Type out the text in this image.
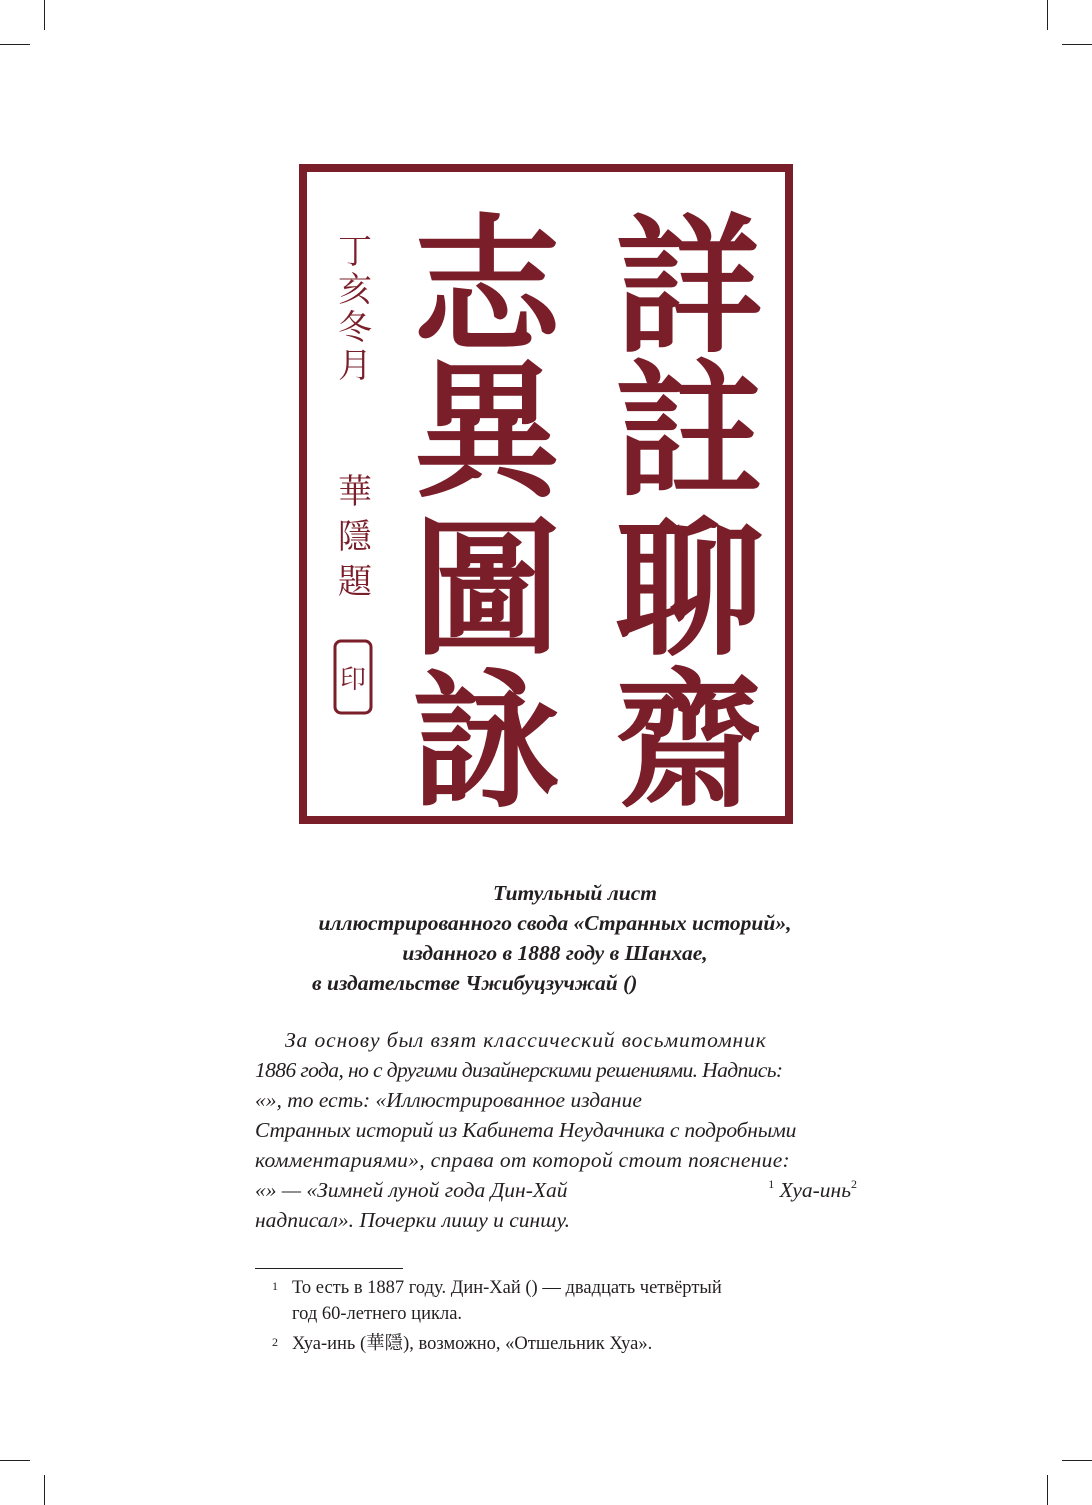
詳
註
聊
齋
志
異
圖
詠
丁
亥
冬
月
華
隱
題
印
Титульный лист
иллюстрированного свода «Странных историй»,
изданного в 1888 году в Шанхае,
в издательстве Чжибуцзучжай ()
За основу был взят классический восьмитомник
1886 года, но с другими дизайнерскими решениями. Надпись:
«», то есть: «Иллюстрированное издание
Странных историй из Кабинета Неудачника с подробными
комментариями», справа от которой стоит пояснение:
«» — «Зимней луной года Дин-Хай	$^1$ Хуа-инь$^2$
надписал». Почерки лишу и синшу.
1 То есть в 1887 году. Дин-Хай () — двадцать четвёртый
год 60-летнего цикла.
2 Хуа-инь (華隱), возможно, «Отшельник Хуа».
